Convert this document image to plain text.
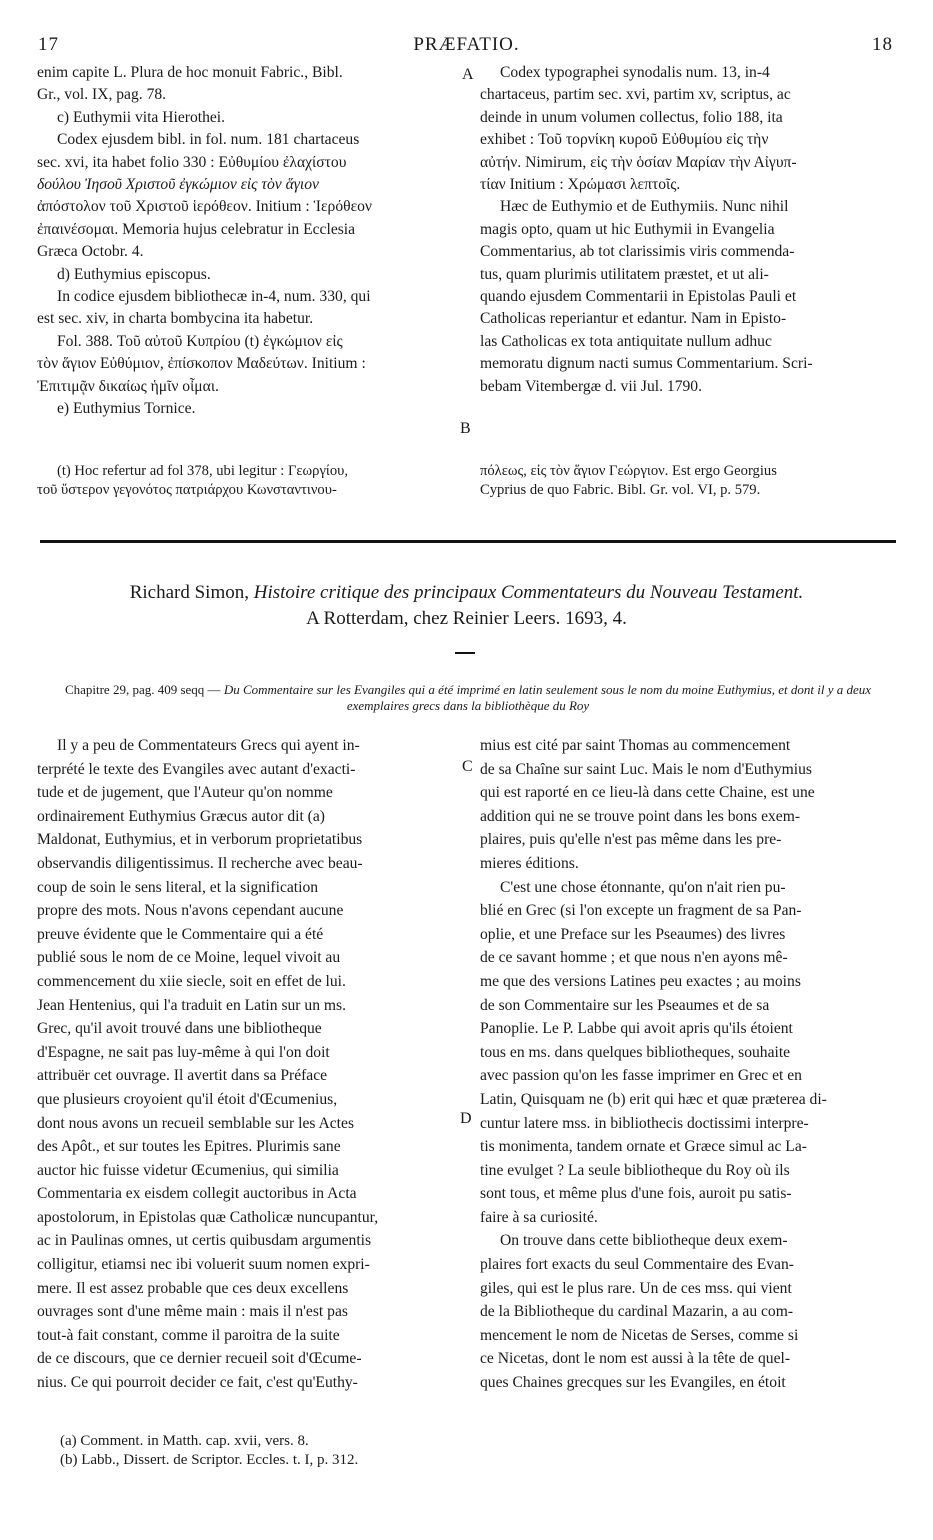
17	PRÆFATIO.	18

enim capite L. Plura de hoc monuit Fabric., Bibl.

Gr., vol. IX, pag. 78.

c) Euthymii vita Hierothei.

Codex ejusdem bibl. in fol. num. 181 chartaceus

sec. xvi, ita habet folio 330 : Εὐθυμίου ἐλαχίστου

δούλου Ἰησοῦ Χριστοῦ ἐγκώμιον εἰς τὸν ἅγιον

ἀπόστολον τοῦ Χριστοῦ ἱερόθεον. Initium : Ἱερόθεον

ἐπαινέσομαι. Memoria hujus celebratur in Ecclesia

Græca Octobr. 4.

d) Euthymius episcopus.

In codice ejusdem bibliothecæ in-4, num. 330, qui

est sec. xiv, in charta bombycina ita habetur.

Fol. 388. Τοῦ αὐτοῦ Κυπρίου (t) ἐγκώμιον εἰς

τὸν ἅγιον Εὐθύμιον, ἐπίσκοπον Μαδεύτων. Initium :

Ἐπιτιμᾷν δικαίως ἡμῖν οἶμαι.

e) Euthymius Tornice.

(t) Hoc refertur ad fol 378, ubi legitur : Γεωργίου,

τοῦ ὕστερον γεγονότος πατριάρχου Κωνσταντινου-

Codex typographei synodalis num. 13, in-4

chartaceus, partim sec. xvi, partim xv, scriptus, ac

deinde in unum volumen collectus, folio 188, ita

exhibet : Τοῦ τορνίκη κυροῦ Εὐθυμίου εἰς τὴν

αὐτήν. Nimirum, εἰς τὴν ὁσίαν Μαρίαν τὴν Αἰγυπ-

τίαν Initium : Χρώμασι λεπτοῖς.

Hæc de Euthymio et de Euthymiis. Nunc nihil

magis opto, quam ut hic Euthymii in Evangelia

Commentarius, ab tot clarissimis viris commenda-

tus, quam plurimis utilitatem præstet, et ut ali-

quando ejusdem Commentarii in Epistolas Pauli et

Catholicas reperiantur et edantur. Nam in Episto-

las Catholicas ex tota antiquitate nullum adhuc

memoratu dignum nacti sumus Commentarium. Scri-

bebam Vitembergæ d. vii Jul. 1790.

πόλεως, εἰς τὸν ἅγιον Γεώργιον. Est ergo Georgius

Cyprius de quo Fabric. Bibl. Gr. vol. VI, p. 579.

A
B
C
D
Richard Simon, Histoire critique des principaux Commentateurs du Nouveau Testament.
A Rotterdam, chez Reinier Leers. 1693, 4.
Chapitre 29, pag. 409 seqq — Du Commentaire sur les Evangiles qui a été imprimé en latin seulement sous le nom du moine Euthymius, et dont il y a deux exemplaires grecs dans la bibliothèque du Roy

Il y a peu de Commentateurs Grecs qui ayent in-

terprété le texte des Evangiles avec autant d'exacti-

tude et de jugement, que l'Auteur qu'on nomme

ordinairement Euthymius Græcus autor dit (a)

Maldonat, Euthymius, et in verborum proprietatibus

observandis diligentissimus. Il recherche avec beau-

coup de soin le sens literal, et la signification

propre des mots. Nous n'avons cependant aucune

preuve évidente que le Commentaire qui a été

publié sous le nom de ce Moine, lequel vivoit au

commencement du xiie siecle, soit en effet de lui.

Jean Hentenius, qui l'a traduit en Latin sur un ms.

Grec, qu'il avoit trouvé dans une bibliotheque

d'Espagne, ne sait pas luy-même à qui l'on doit

attribuër cet ouvrage. Il avertit dans sa Préface

que plusieurs croyoient qu'il étoit d'Œcumenius,

dont nous avons un recueil semblable sur les Actes

des Apôt., et sur toutes les Epitres. Plurimis sane

auctor hic fuisse videtur Œcumenius, qui similia

Commentaria ex eisdem collegit auctoribus in Acta

apostolorum, in Epistolas quæ Catholicæ nuncupantur,

ac in Paulinas omnes, ut certis quibusdam argumentis

colligitur, etiamsi nec ibi voluerit suum nomen expri-

mere. Il est assez probable que ces deux excellens

ouvrages sont d'une même main : mais il n'est pas

tout-à fait constant, comme il paroitra de la suite

de ce discours, que ce dernier recueil soit d'Œcume-

nius. Ce qui pourroit decider ce fait, c'est qu'Euthy-

mius est cité par saint Thomas au commencement

de sa Chaîne sur saint Luc. Mais le nom d'Euthymius

qui est raporté en ce lieu-là dans cette Chaine, est une

addition qui ne se trouve point dans les bons exem-

plaires, puis qu'elle n'est pas même dans les pre-

mieres éditions.

C'est une chose étonnante, qu'on n'ait rien pu-

blié en Grec (si l'on excepte un fragment de sa Pan-

oplie, et une Preface sur les Pseaumes) des livres

de ce savant homme ; et que nous n'en ayons mê-

me que des versions Latines peu exactes ; au moins

de son Commentaire sur les Pseaumes et de sa

Panoplie. Le P. Labbe qui avoit apris qu'ils étoient

tous en ms. dans quelques bibliotheques, souhaite

avec passion qu'on les fasse imprimer en Grec et en

Latin, Quisquam ne (b) erit qui hæc et quæ præterea di-

cuntur latere mss. in bibliothecis doctissimi interpre-

tis monimenta, tandem ornate et Græce simul ac La-

tine evulget ? La seule bibliotheque du Roy où ils

sont tous, et même plus d'une fois, auroit pu satis-

faire à sa curiosité.

On trouve dans cette bibliotheque deux exem-

plaires fort exacts du seul Commentaire des Evan-

giles, qui est le plus rare. Un de ces mss. qui vient

de la Bibliotheque du cardinal Mazarin, a au com-

mencement le nom de Nicetas de Serses, comme si

ce Nicetas, dont le nom est aussi à la tête de quel-

ques Chaines grecques sur les Evangiles, en étoit

(a) Comment. in Matth. cap. xvii, vers. 8.
(b) Labb., Dissert. de Scriptor. Eccles. t. I, p. 312.
